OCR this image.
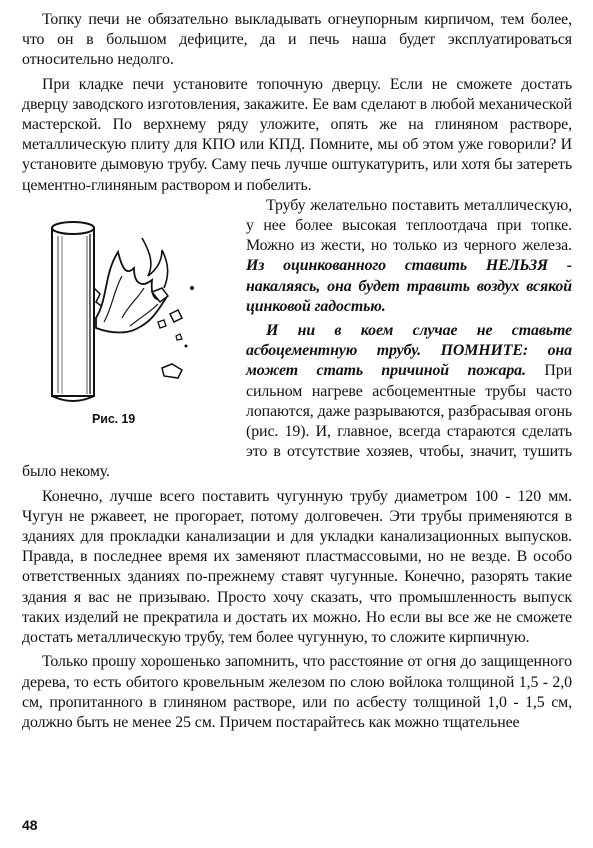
Топку печи не обязательно выкладывать огнеупорным кирпичом, тем более, что он в большом дефиците, да и печь наша будет эксплуатироваться относительно недолго.

При кладке печи установите топочную дверцу. Если не сможете достать дверцу заводского изготовления, закажите. Ее вам сделают в любой механической мастерской. По верхнему ряду уложите, опять же на глиняном растворе, металлическую плиту для КПО или КПД. Помните, мы об этом уже говорили? И установите дымовую трубу. Саму печь лучше оштукатурить, или хотя бы затереть цементно-глиняным раствором и побелить.

Рис. 19

Трубу желательно поставить металлическую, у нее более высокая теплоотдача при топке. Можно из жести, но только из черного железа. Из оцинкованного ставить НЕЛЬЗЯ - накаляясь, она будет травить воздух всякой цинковой гадостью.

И ни в коем случае не ставьте асбоцементную трубу. ПОМНИТЕ: она может стать причиной пожара. При сильном нагреве асбоцементные трубы часто лопаются, даже разрываются, разбрасывая огонь (рис. 19). И, главное, всегда стараются сделать это в отсутствие хозяев, чтобы, значит, тушить было некому.

Конечно, лучше всего поставить чугунную трубу диаметром 100 - 120 мм. Чугун не ржавеет, не прогорает, потому долговечен. Эти трубы применяются в зданиях для прокладки канализации и для укладки канализационных выпусков. Правда, в последнее время их заменяют пластмассовыми, но не везде. В особо ответственных зданиях по-прежнему ставят чугунные. Конечно, разорять такие здания я вас не призываю. Просто хочу сказать, что промышленность выпуск таких изделий не прекратила и достать их можно. Но если вы все же не сможете достать металлическую трубу, тем более чугунную, то сложите кирпичную.

Только прошу хорошенько запомнить, что расстояние от огня до защищенного дерева, то есть обитого кровельным железом по слою войлока толщиной 1,5 - 2,0 см, пропитанного в глиняном растворе, или по асбесту толщиной 1,0 - 1,5 см, должно быть не менее 25 см. Причем постарайтесь как можно тщательнее

48
